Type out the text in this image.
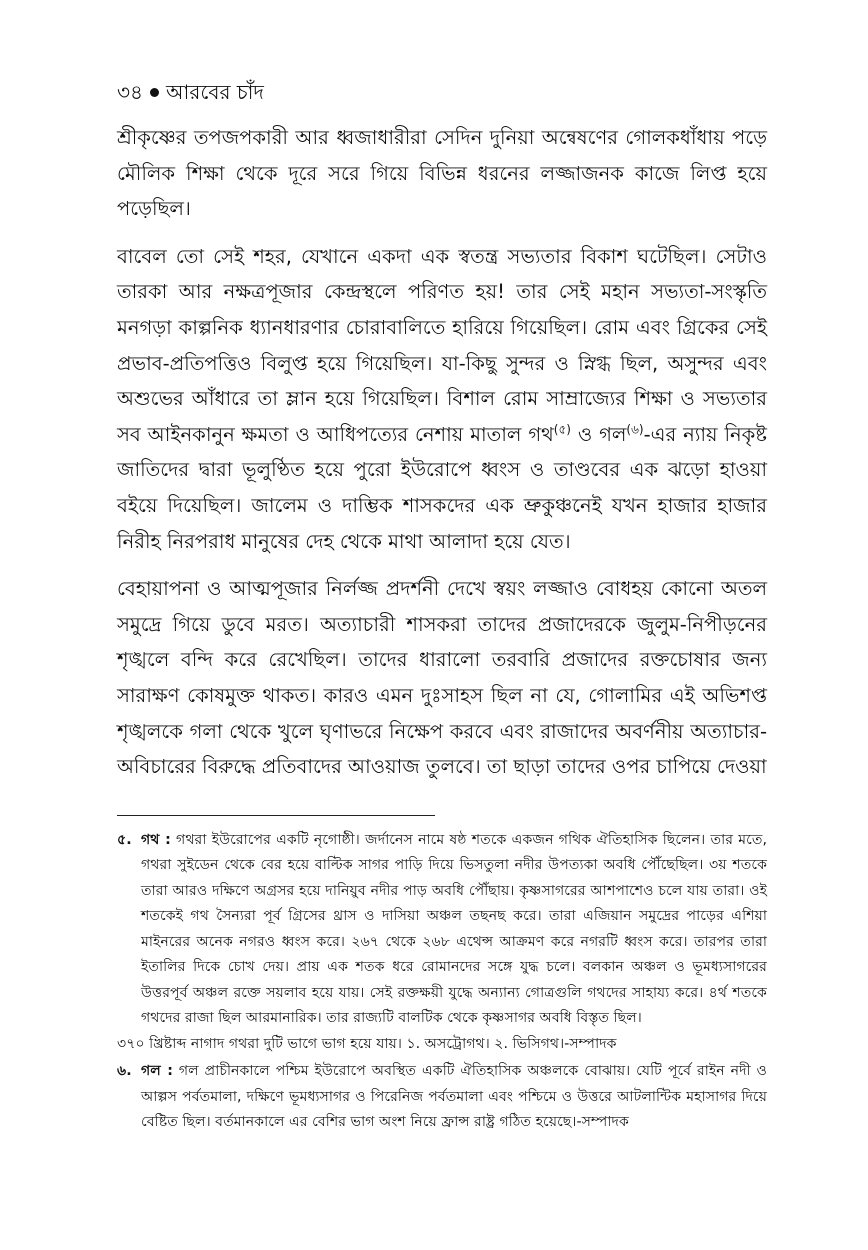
৩৪ আরবের চাঁদ

শ্রীকৃষ্ণের তপজপকারী আর ধ্বজাধারীরা সেদিন দুনিয়া অন্বেষণের গোলকধাঁধায় পড়ে মৌলিক শিক্ষা থেকে দূরে সরে গিয়ে বিভিন্ন ধরনের লজ্জাজনক কাজে লিপ্ত হয়ে পড়েছিল।

বাবেল তো সেই শহর, যেখানে একদা এক স্বতন্ত্র সভ্যতার বিকাশ ঘটেছিল। সেটাও তারকা আর নক্ষত্রপূজার কেন্দ্রস্থলে পরিণত হয়! তার সেই মহান সভ্যতা-সংস্কৃতি মনগড়া কাল্পনিক ধ্যানধারণার চোরাবালিতে হারিয়ে গিয়েছিল। রোম এবং গ্রিকের সেই প্রভাব-প্রতিপত্তিও বিলুপ্ত হয়ে গিয়েছিল। যা-কিছু সুন্দর ও স্নিগ্ধ ছিল, অসুন্দর এবং অশুভের আঁধারে তা ম্লান হয়ে গিয়েছিল। বিশাল রোম সাম্রাজ্যের শিক্ষা ও সভ্যতার সব আইনকানুন ক্ষমতা ও আধিপত্যের নেশায় মাতাল গথ$^{(৫)}$ ও গল$^{(৬)}$-এর ন্যায় নিকৃষ্ট জাতিদের দ্বারা ভূলুণ্ঠিত হয়ে পুরো ইউরোপে ধ্বংস ও তাণ্ডবের এক ঝড়ো হাওয়া বইয়ে দিয়েছিল। জালেম ও দাম্ভিক শাসকদের এক ভ্রুকুঞ্চনেই যখন হাজার হাজার নিরীহ নিরপরাধ মানুষের দেহ থেকে মাথা আলাদা হয়ে যেত।

বেহায়াপনা ও আত্মপূজার নির্লজ্জ প্রদর্শনী দেখে স্বয়ং লজ্জাও বোধহয় কোনো অতল সমুদ্রে গিয়ে ডুবে মরত। অত্যাচারী শাসকরা তাদের প্রজাদেরকে জুলুম-নিপীড়নের শৃঙ্খলে বন্দি করে রেখেছিল। তাদের ধারালো তরবারি প্রজাদের রক্তচোষার জন্য সারাক্ষণ কোষমুক্ত থাকত। কারও এমন দুঃসাহস ছিল না যে, গোলামির এই অভিশপ্ত শৃঙ্খলকে গলা থেকে খুলে ঘৃণাভরে নিক্ষেপ করবে এবং রাজাদের অবর্ণনীয় অত্যাচার-অবিচারের বিরুদ্ধে প্রতিবাদের আওয়াজ তুলবে। তা ছাড়া তাদের ওপর চাপিয়ে দেওয়া

৫. গথ : গথরা ইউরোপের একটি নৃগোষ্ঠী। জর্দানেস নামে ষষ্ঠ শতকে একজন গথিক ঐতিহাসিক ছিলেন। তার মতে, গথরা সুইডেন থেকে বের হয়ে বাল্টিক সাগর পাড়ি দিয়ে ভিসতুলা নদীর উপত্যকা অবধি পৌঁছেছিল। ৩য় শতকে তারা আরও দক্ষিণে অগ্রসর হয়ে দানিয়ুব নদীর পাড় অবধি পৌঁছায়। কৃষ্ণসাগরের আশপাশেও চলে যায় তারা। ওই শতকেই গথ সৈন্যরা পূর্ব গ্রিসের থ্রাস ও দাসিয়া অঞ্চল তছনছ করে। তারা এজিয়ান সমুদ্রের পাড়ের এশিয়া মাইনরের অনেক নগরও ধ্বংস করে। ২৬৭ থেকে ২৬৮ এথেন্স আক্রমণ করে নগরটি ধ্বংস করে। তারপর তারা ইতালির দিকে চোখ দেয়। প্রায় এক শতক ধরে রোমানদের সঙ্গে যুদ্ধ চলে। বলকান অঞ্চল ও ভূমধ্যসাগরের উত্তরপূর্ব অঞ্চল রক্তে সয়লাব হয়ে যায়। সেই রক্তক্ষয়ী যুদ্ধে অন্যান্য গোত্রগুলি গথদের সাহায্য করে। ৪র্থ শতকে গথদের রাজা ছিল আরমানারিক। তার রাজ্যটি বালটিক থেকে কৃষ্ণসাগর অবধি বিস্তৃত ছিল।

৩৭০ খ্রিষ্টাব্দ নাগাদ গথরা দুটি ভাগে ভাগ হয়ে যায়। ১. অসট্রোগথ। ২. ভিসিগথ।-সম্পাদক

৬. গল : গল প্রাচীনকালে পশ্চিম ইউরোপে অবস্থিত একটি ঐতিহাসিক অঞ্চলকে বোঝায়। যেটি পূর্বে রাইন নদী ও আল্পস পর্বতমালা, দক্ষিণে ভূমধ্যসাগর ও পিরেনিজ পর্বতমালা এবং পশ্চিমে ও উত্তরে আটলান্টিক মহাসাগর দিয়ে বেষ্টিত ছিল। বর্তমানকালে এর বেশির ভাগ অংশ নিয়ে ফ্রান্স রাষ্ট্র গঠিত হয়েছে।-সম্পাদক
